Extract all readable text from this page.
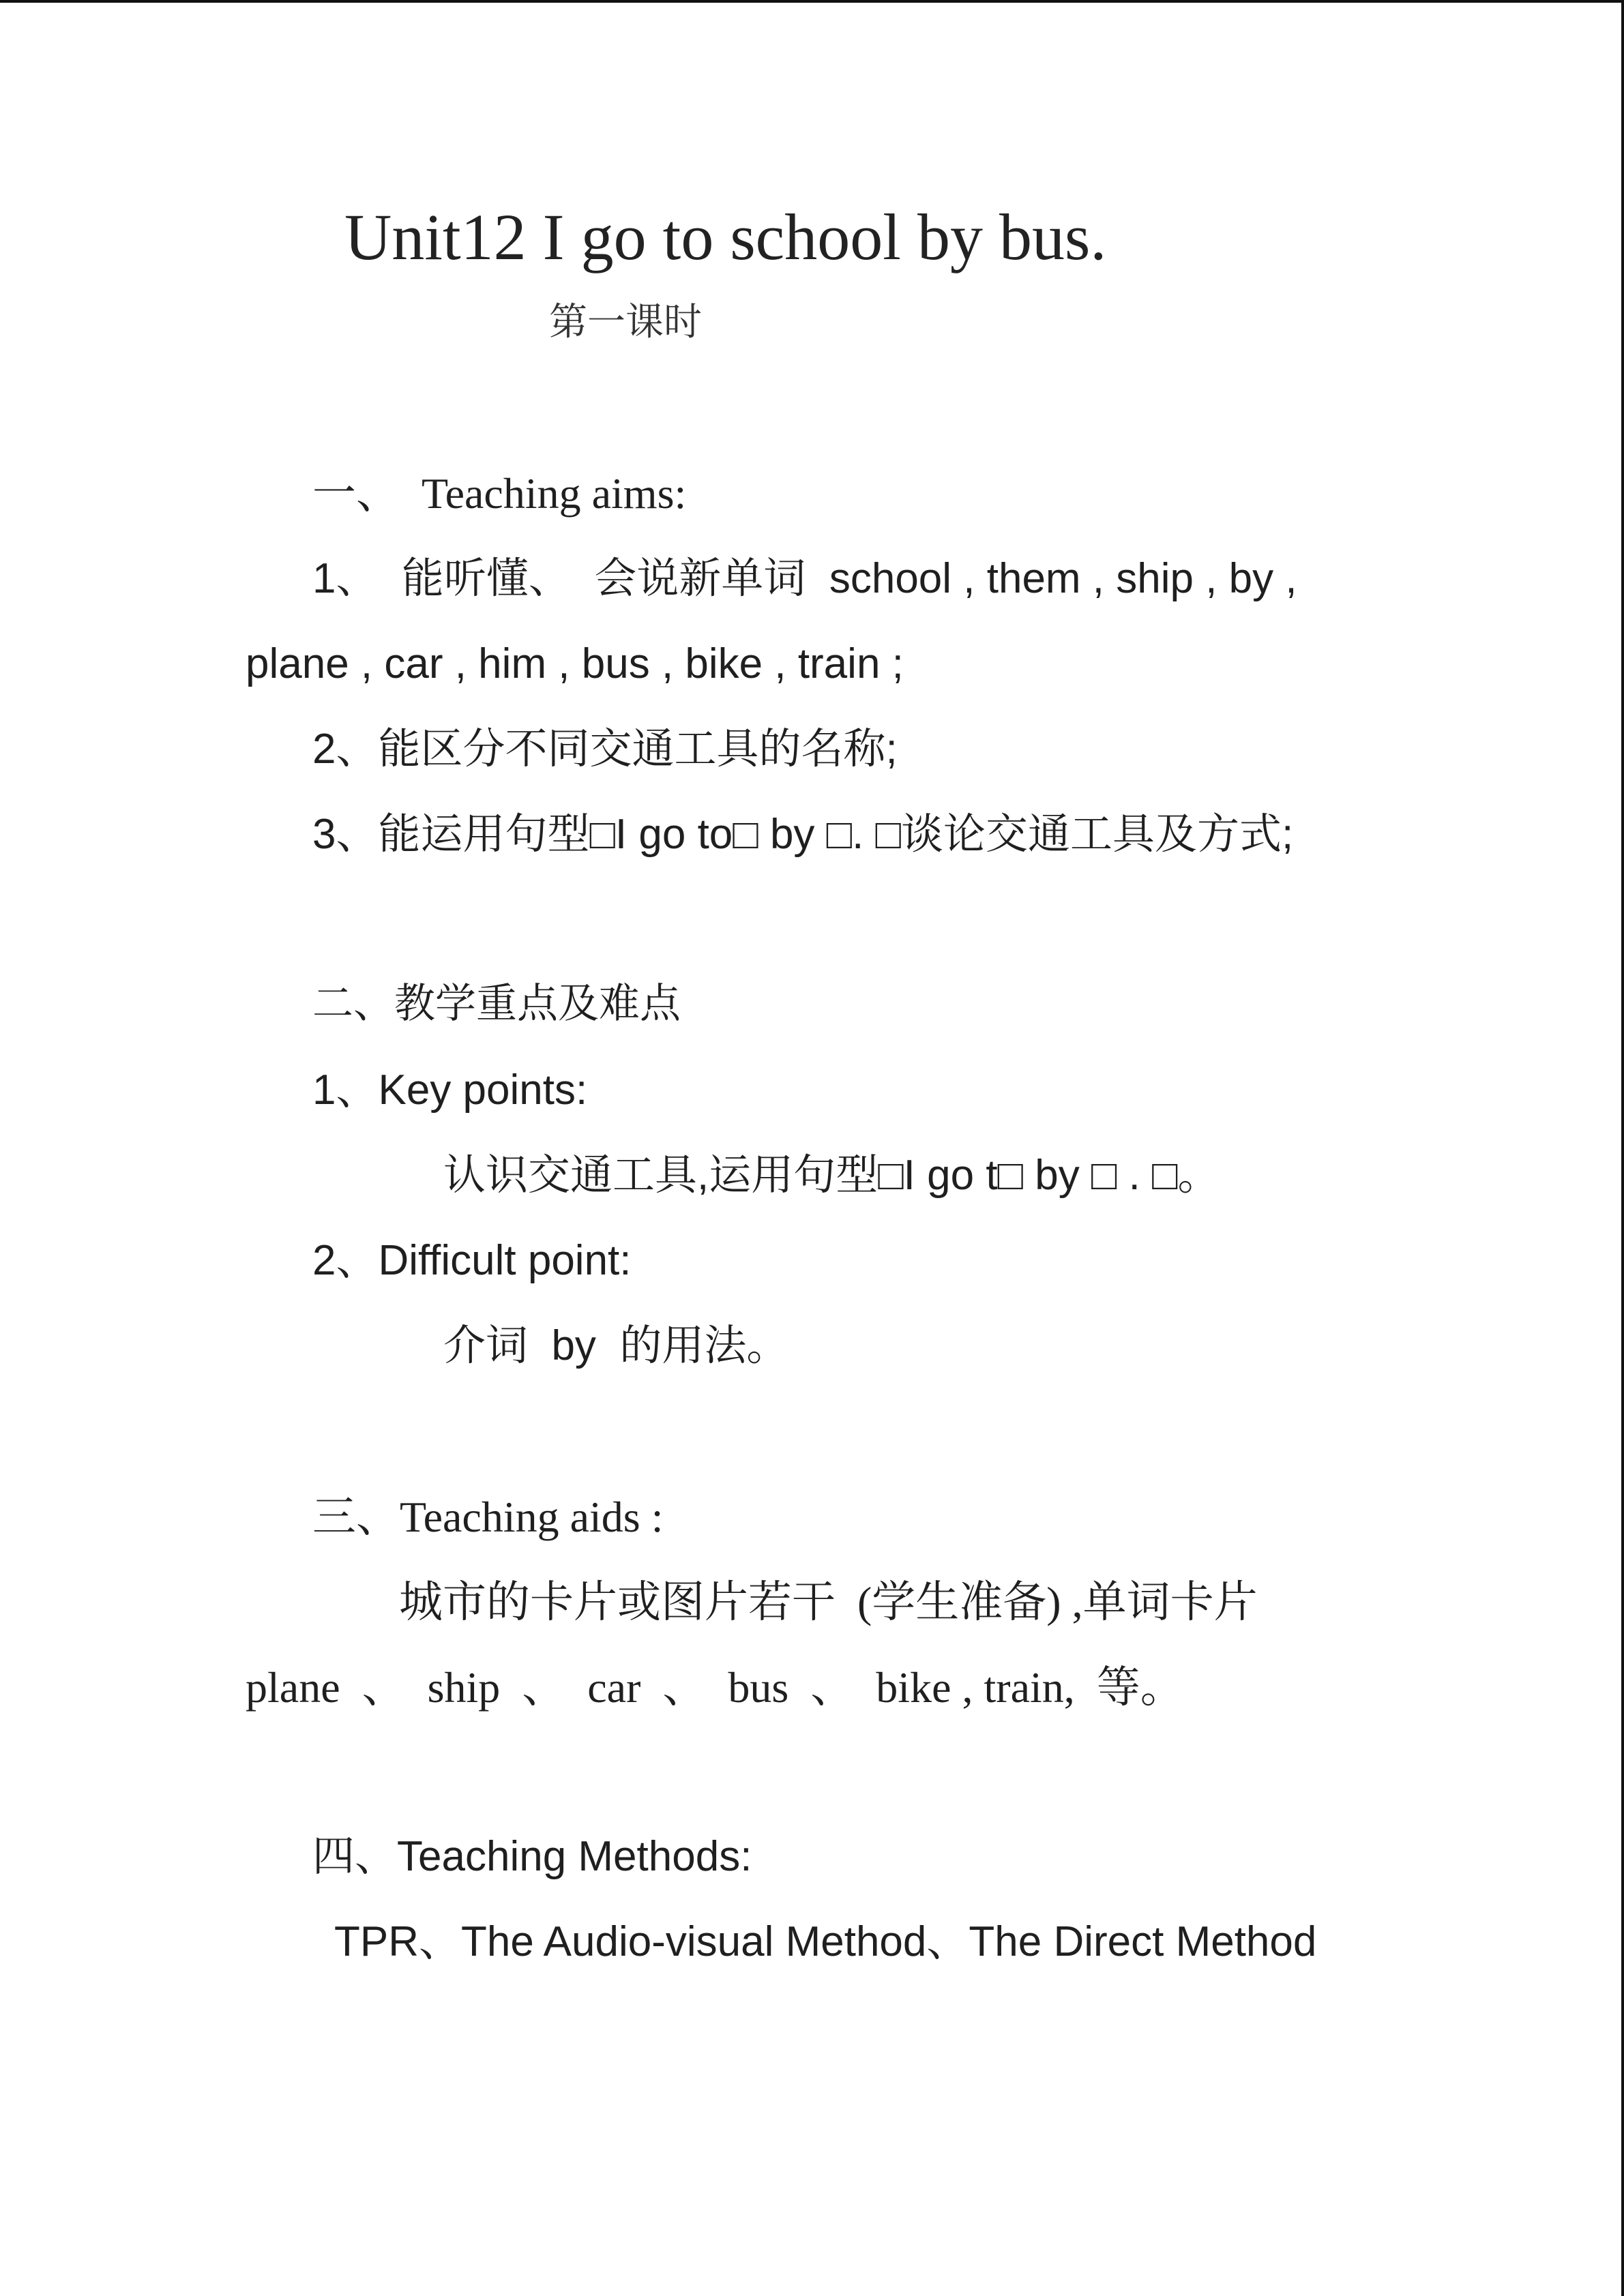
Unit12 I go to school by bus.
第一课时
一、  Teaching aims:
1、  能听懂、  会说新单词  school , them , ship , by ,
plane , car , him , bus , bike , train ;
2、能区分不同交通工具的名称;
3、能运用句型□I go to□ by □. □谈论交通工具及方式;
二、教学重点及难点
1、Key points:
认识交通工具,运用句型□I go t□ by □ . □。
2、Difficult point:
介词  by  的用法。
三、Teaching aids :
城市的卡片或图片若干  (学生准备) ,单词卡片
plane  、  ship  、  car  、  bus  、  bike , train,  等。
四、Teaching Methods:
TPR、The Audio-visual Method、The Direct Method
